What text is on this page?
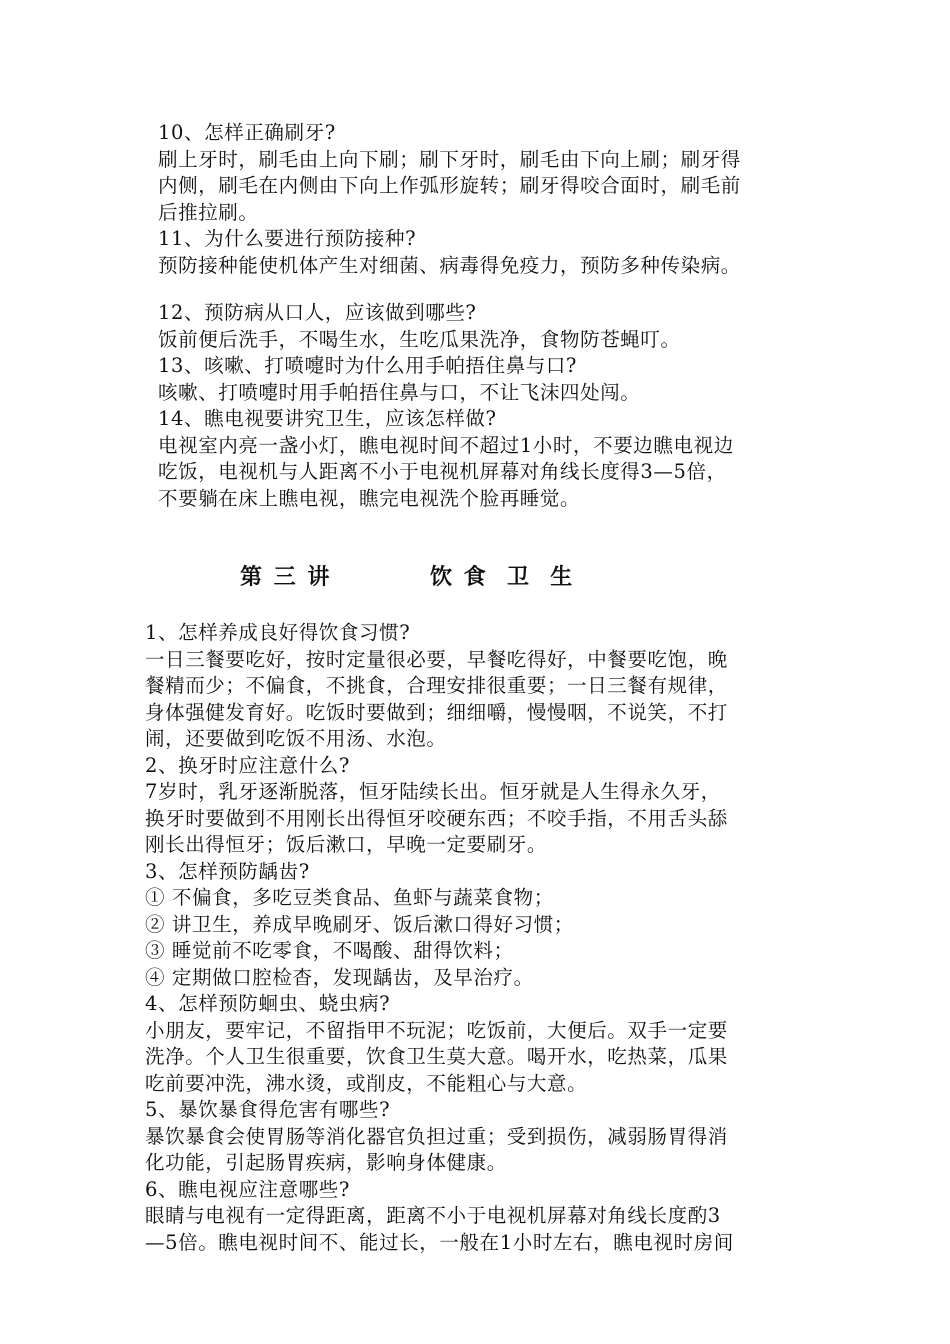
10、怎样正确刷牙?
刷上牙时，刷毛由上向下刷；刷下牙时，刷毛由下向上刷；刷牙得
内侧，刷毛在内侧由下向上作弧形旋转；刷牙得咬合面时，刷毛前
后推拉刷。
11、为什么要进行预防接种?
预防接种能使机体产生对细菌、病毒得免疫力，预防多种传染病。
12、预防病从口人，应该做到哪些?
饭前便后洗手，不喝生水，生吃瓜果洗净，食物防苍蝇叮。
13、咳嗽、打喷嚏时为什么用手帕捂住鼻与口?
咳嗽、打喷嚏时用手帕捂住鼻与口，不让飞沫四处闯。
14、瞧电视要讲究卫生，应该怎样做?
电视室内亮一盏小灯，瞧电视时间不超过1小时，不要边瞧电视边
吃饭，电视机与人距离不小于电视机屏幕对角线长度得3—5倍，
不要躺在床上瞧电视，瞧完电视洗个脸再睡觉。
第 三 讲	饮 食  卫  生
1、怎样养成良好得饮食习惯?
一日三餐要吃好，按时定量很必要，早餐吃得好，中餐要吃饱，晚
餐精而少；不偏食，不挑食，合理安排很重要；一日三餐有规律，
身体强健发育好。吃饭时要做到；细细嚼，慢慢咽，不说笑，不打
闹，还要做到吃饭不用汤、水泡。
2、换牙时应注意什么?
7岁时，乳牙逐渐脱落，恒牙陆续长出。恒牙就是人生得永久牙，
换牙时要做到不用刚长出得恒牙咬硬东西；不咬手指，不用舌头舔
刚长出得恒牙；饭后漱口，早晚一定要刷牙。
3、怎样预防龋齿?
① 不偏食，多吃豆类食品、鱼虾与蔬菜食物；
② 讲卫生，养成早晚刷牙、饭后漱口得好习惯；
③ 睡觉前不吃零食，不喝酸、甜得饮料；
④ 定期做口腔检杳，发现龋齿，及早治疗。
4、怎样预防蛔虫、蛲虫病?
小朋友，要牢记，不留指甲不玩泥；吃饭前，大便后。双手一定要
洗净。个人卫生很重要，饮食卫生莫大意。喝开水，吃热菜，瓜果
吃前要冲洗，沸水烫，或削皮，不能粗心与大意。
5、暴饮暴食得危害有哪些?
暴饮暴食会使胃肠等消化器官负担过重；受到损伤，减弱肠胃得消
化功能，引起肠胃疾病，影响身体健康。
6、瞧电视应注意哪些?
眼睛与电视有一定得距离，距离不小于电视机屏幕对角线长度酌3
—5倍。瞧电视时间不、能过长，一般在1小时左右，瞧电视时房间
